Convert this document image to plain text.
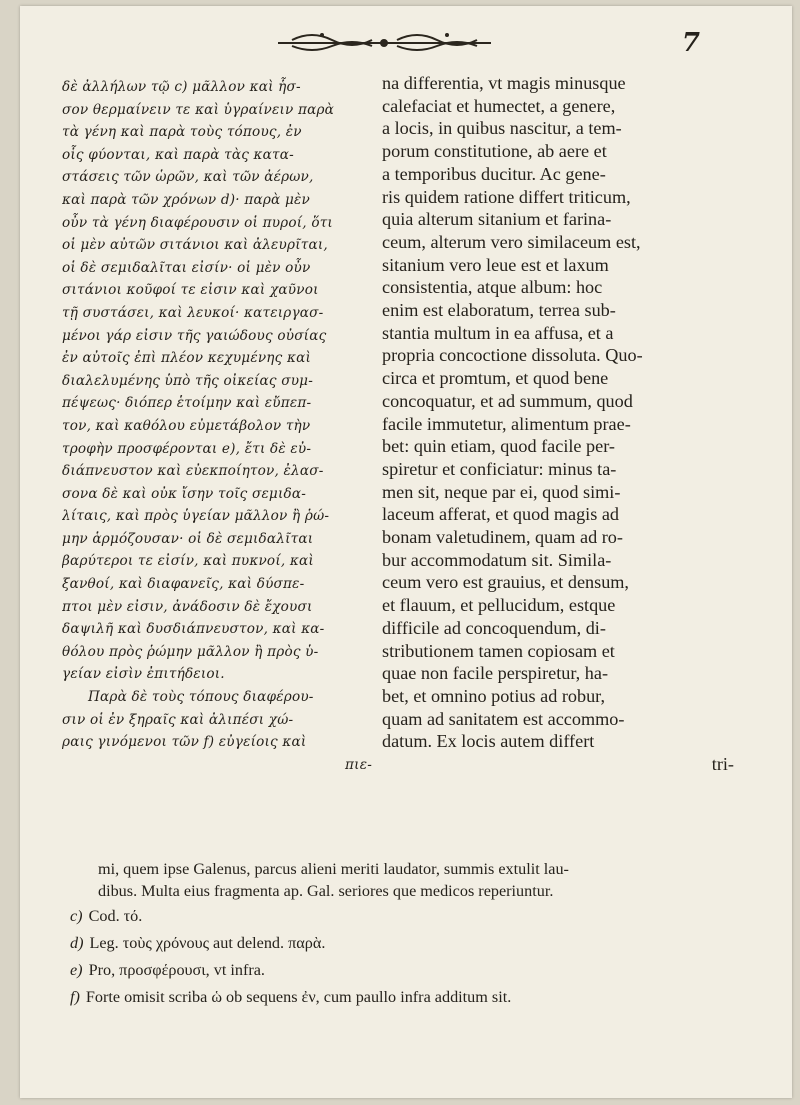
7
δὲ ἀλλήλων τῷ c) μᾶλλον καὶ ἧσ-
σον θερμαίνειν τε καὶ ὑγραίνειν παρὰ
τὰ γένη καὶ παρὰ τοὺς τόπους, ἐν
οἷς φύονται, καὶ παρὰ τὰς κατα-
στάσεις τῶν ὡρῶν, καὶ τῶν ἀέρων,
καὶ παρὰ τῶν χρόνων d)· παρὰ μὲν
οὖν τὰ γένη διαφέρουσιν οἱ πυροί, ὅτι
οἱ μὲν αὐτῶν σιτάνιοι καὶ ἀλευρῖται,
οἱ δὲ σεμιδαλῖται εἰσίν· οἱ μὲν οὖν
σιτάνιοι κοῦφοί τε εἰσιν καὶ χαῦνοι
τῇ συστάσει, καὶ λευκοί· κατειργασ-
μένοι γάρ εἰσιν τῆς γαιώδους οὐσίας
ἐν αὐτοῖς ἐπὶ πλέον κεχυμένης καὶ
διαλελυμένης ὑπὸ τῆς οἰκείας συμ-
πέψεως· διόπερ ἑτοίμην καὶ εὔπεπ-
τον, καὶ καθόλου εὐμετάβολον τὴν
τροφὴν προσφέρονται e), ἔτι δὲ εὐ-
διάπνευστον καὶ εὐεκποίητον, ἐλασ-
σονα δὲ καὶ οὐκ ἴσην τοῖς σεμιδα-
λίταις, καὶ πρὸς ὑγείαν μᾶλλον ἢ ῥώ-
μην ἁρμόζουσαν· οἱ δὲ σεμιδαλῖται
βαρύτεροι τε εἰσίν, καὶ πυκνοί, καὶ
ξανθοί, καὶ διαφανεῖς, καὶ δύσπε-
πτοι μὲν εἰσιν, ἀνάδοσιν δὲ ἔχουσι
δαψιλῆ καὶ δυσδιάπνευστον, καὶ κα-
θόλου πρὸς ῥώμην μᾶλλον ἢ πρὸς ὑ-
γείαν εἰσὶν ἐπιτήδειοι.
Παρὰ δὲ τοὺς τόπους διαφέρου-
σιν οἱ ἐν ξηραῖς καὶ ἀλιπέσι χώ-
ραις γινόμενοι τῶν f) εὐγείοις καὶ
πιε-
na differentia, vt magis minusque
calefaciat et humectet, a genere,
a locis, in quibus nascitur, a tem-
porum constitutione, ab aere et
a temporibus ducitur. Ac gene-
ris quidem ratione differt triticum,
quia alterum sitanium et farina-
ceum, alterum vero similaceum est,
sitanium vero leue est et laxum
consistentia, atque album: hoc
enim est elaboratum, terrea sub-
stantia multum in ea affusa, et a
propria concoctione dissoluta. Quo-
circa et promtum, et quod bene
concoquatur, et ad summum, quod
facile immutetur, alimentum prae-
bet: quin etiam, quod facile per-
spiretur et conficiatur: minus ta-
men sit, neque par ei, quod simi-
laceum afferat, et quod magis ad
bonam valetudinem, quam ad ro-
bur accommodatum sit. Simila-
ceum vero est grauius, et densum,
et flauum, et pellucidum, estque
difficile ad concoquendum, di-
stributionem tamen copiosam et
quae non facile perspiretur, ha-
bet, et omnino potius ad robur,
quam ad sanitatem est accommo-
datum. Ex locis autem differt
tri-
mi, quem ipse Galenus, parcus alieni meriti laudator, summis extulit lau-
dibus. Multa eius fragmenta ap. Gal. seriores que medicos reperiuntur.
c) Cod. τό.
d) Leg. τοὺς χρόνους aut delend. παρὰ.
e) Pro, προσφέρουσι, vt infra.
f) Forte omisit scriba ὡ ob sequens ἐν, cum paullo infra additum sit.
